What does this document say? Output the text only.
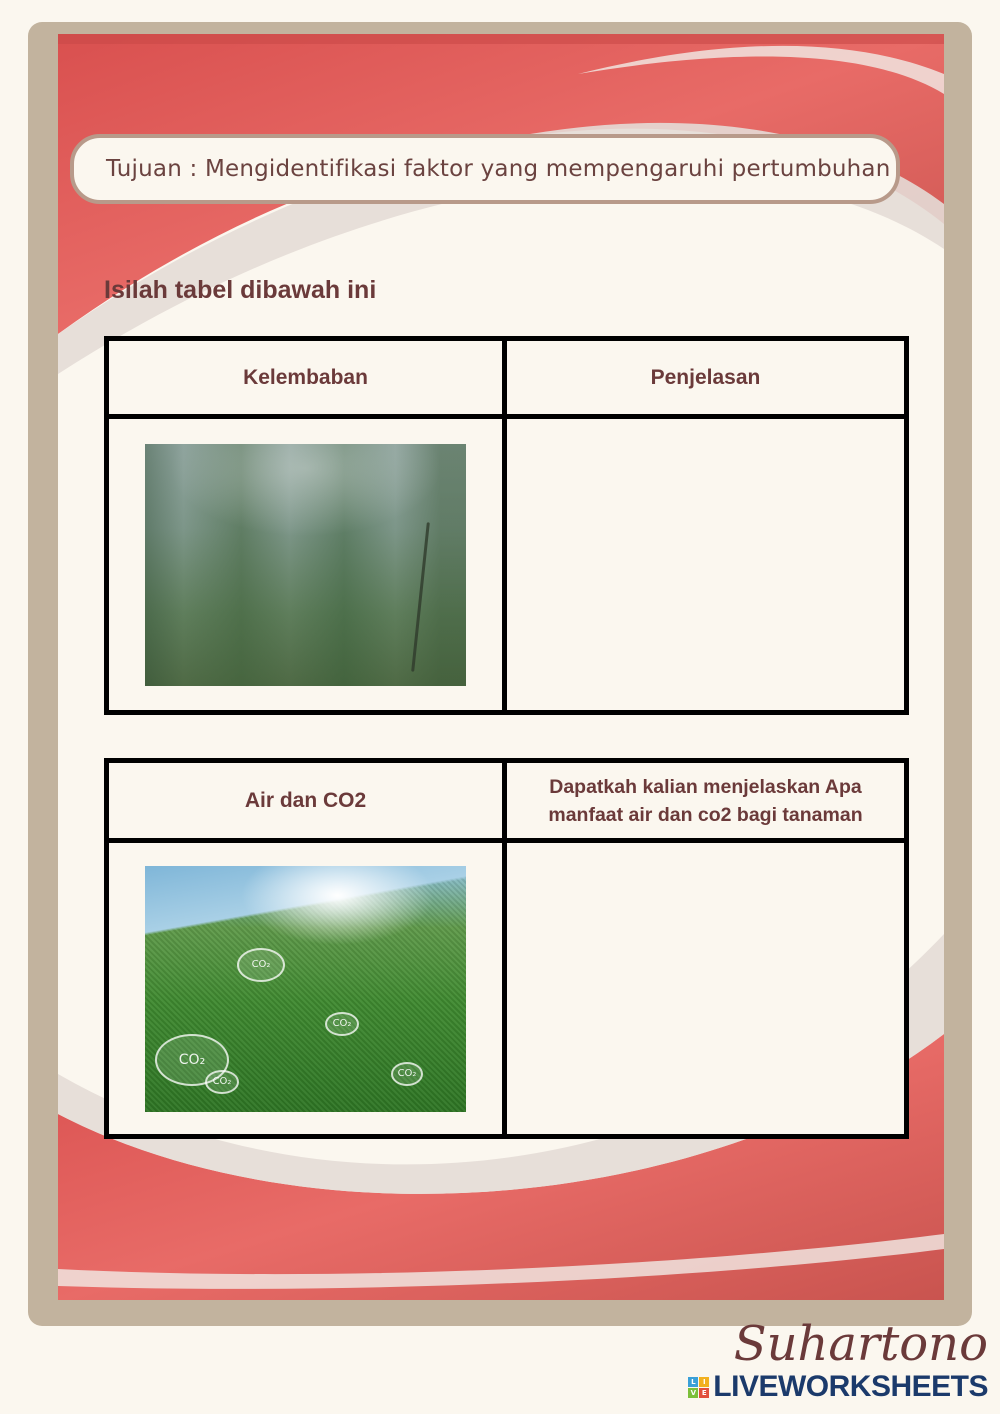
Tujuan : Mengidentifikasi faktor yang mempengaruhi pertumbuhan
Isilah tabel dibawah ini
Kelembaban	Penjelasan

Air dan CO2	Dapatkah kalian menjelaskan Apa manfaat air dan co2 bagi tanaman

CO₂
CO₂
CO₂
CO₂
CO₂	

Suhartono
L	I
V E LIVEWORKSHEETS
